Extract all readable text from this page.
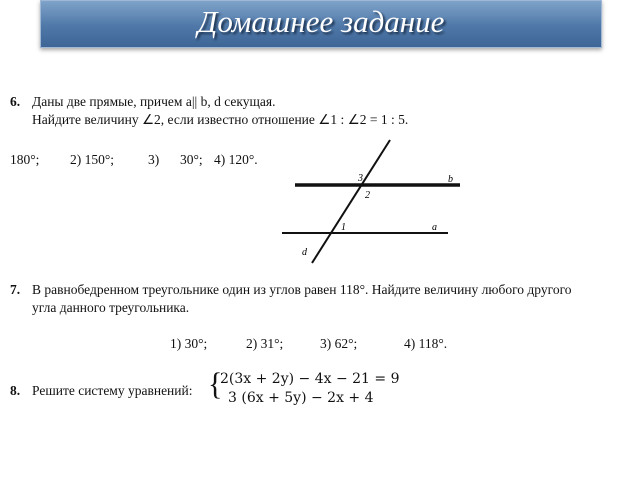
Домашнее задание
6. Даны две прямые, причем a|| b, d секущая.
Найдите величину ∠2, если известно отношение ∠1 : ∠2 = 1 : 5.
180°; 2) 150°;	3) 30°; 4) 120°.
3
2
1
b
a
d
7. В равнобедренном треугольнике один из углов равен 118°. Найдите величину любого другого
угла данного треугольника.
1) 30°;	2) 31°;	3) 62°;	4) 118°.
8. Решите систему уравнений: {
2(3x + 2y) − 4x − 21 = 9
3 (6x + 5y) − 2x + 4
